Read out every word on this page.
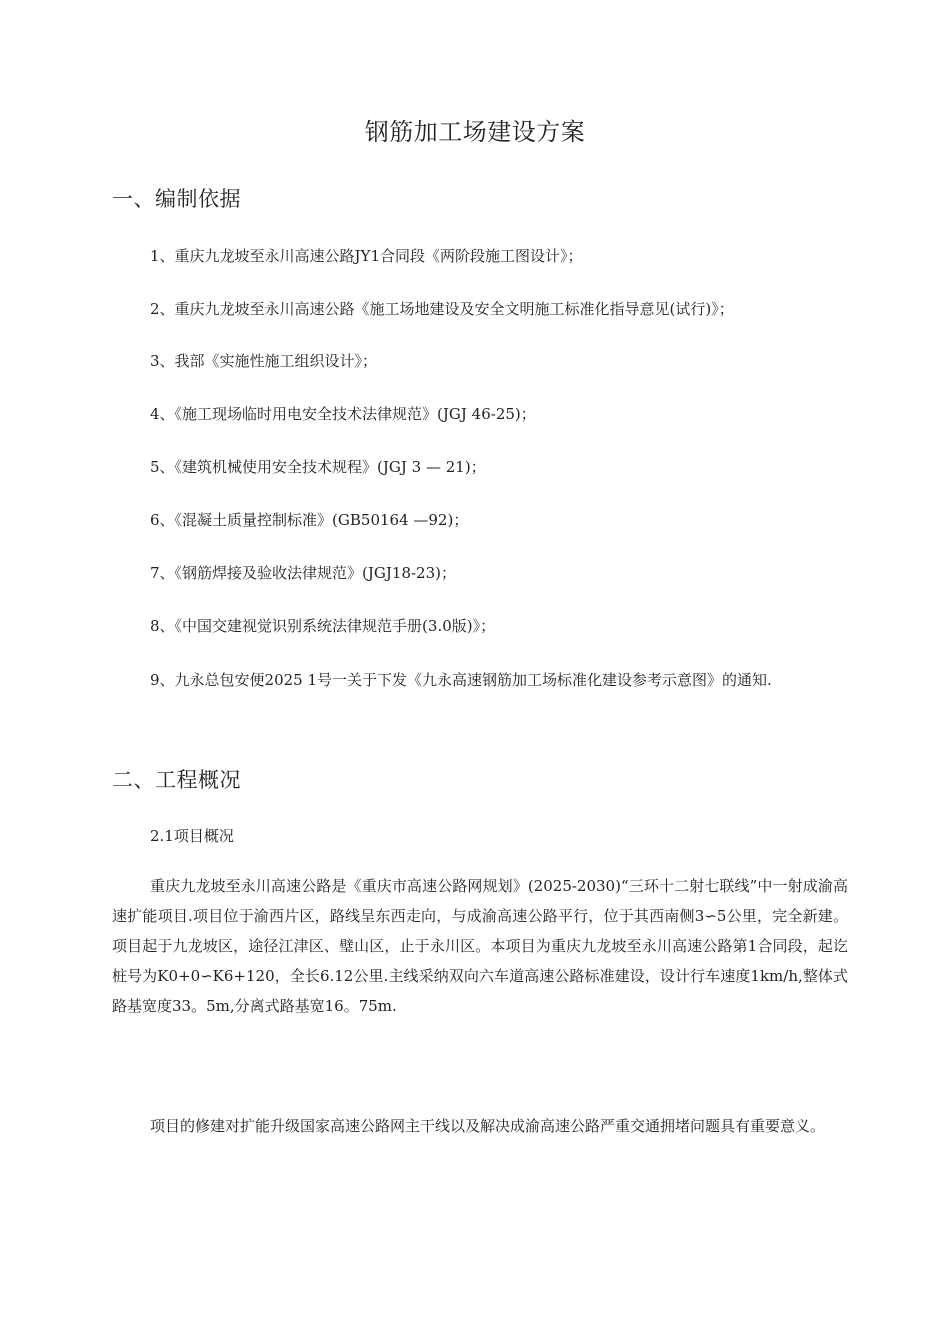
钢筋加工场建设方案
一、编制依据
1、重庆九龙坡至永川高速公路JY1合同段《两阶段施工图设计》；
2、重庆九龙坡至永川高速公路《施工场地建设及安全文明施工标准化指导意见(试行)》；
3、我部《实施性施工组织设计》；
4、《施工现场临时用电安全技术法律规范》(JGJ 46-25)；
5、《建筑机械使用安全技术规程》(JGJ 3 — 21)；
6、《混凝土质量控制标准》(GB50164 —92)；
7、《钢筋焊接及验收法律规范》(JGJ18-23)；
8、《中国交建视觉识别系统法律规范手册(3.0版)》；
9、九永总包安便2025 1号一关于下发《九永高速钢筋加工场标准化建设参考示意图》的通知.
二、工程概况
2.1项目概况
重庆九龙坡至永川高速公路是《重庆市高速公路网规划》(2025-2030)“三环十二射七联线”中一射成渝高速扩能项目.项目位于渝西片区，路线呈东西走向，与成渝高速公路平行，位于其西南侧3∽5公里，完全新建。项目起于九龙坡区，途径江津区、璧山区，止于永川区。本项目为重庆九龙坡至永川高速公路第1合同段，起讫桩号为K0+0∽K6+120，全长6.12公里.主线采纳双向六车道高速公路标准建设，设计行车速度1km/h,整体式路基宽度33。5m,分离式路基宽16。75m.
项目的修建对扩能升级国家高速公路网主干线以及解决成渝高速公路严重交通拥堵问题具有重要意义。
